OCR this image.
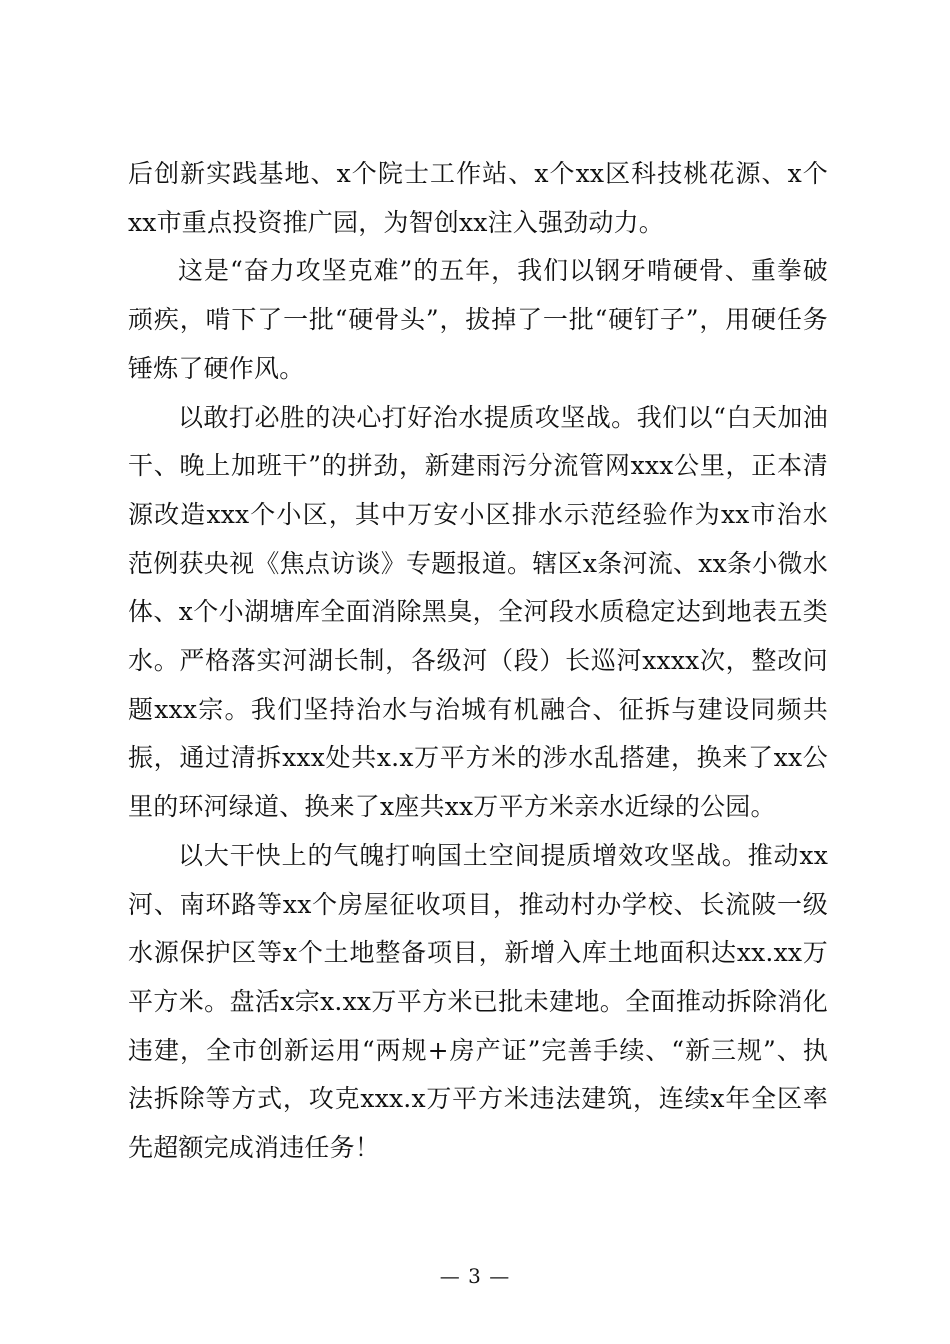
后创新实践基地、x个院士工作站、x个xx区科技桃花源、x个xx市重点投资推广园，为智创xx注入强劲动力。

这是“奋力攻坚克难”的五年，我们以钢牙啃硬骨、重拳破顽疾，啃下了一批“硬骨头”，拔掉了一批“硬钉子”，用硬任务锤炼了硬作风。

以敢打必胜的决心打好治水提质攻坚战。我们以“白天加油干、晚上加班干”的拼劲，新建雨污分流管网xxx公里，正本清源改造xxx个小区，其中万安小区排水示范经验作为xx市治水范例获央视《焦点访谈》专题报道。辖区x条河流、xx条小微水体、x个小湖塘库全面消除黑臭，全河段水质稳定达到地表五类水。严格落实河湖长制，各级河（段）长巡河xxxx次，整改问题xxx宗。我们坚持治水与治城有机融合、征拆与建设同频共振，通过清拆xxx处共x.x万平方米的涉水乱搭建，换来了xx公里的环河绿道、换来了x座共xx万平方米亲水近绿的公园。

以大干快上的气魄打响国土空间提质增效攻坚战。推动xx河、南环路等xx个房屋征收项目，推动村办学校、长流陂一级水源保护区等x个土地整备项目，新增入库土地面积达xx.xx万平方米。盘活x宗x.xx万平方米已批未建地。全面推动拆除消化违建，全市创新运用“两规+房产证”完善手续、“新三规”、执法拆除等方式，攻克xxx.x万平方米违法建筑，连续x年全区率先超额完成消违任务！

— 3 —
